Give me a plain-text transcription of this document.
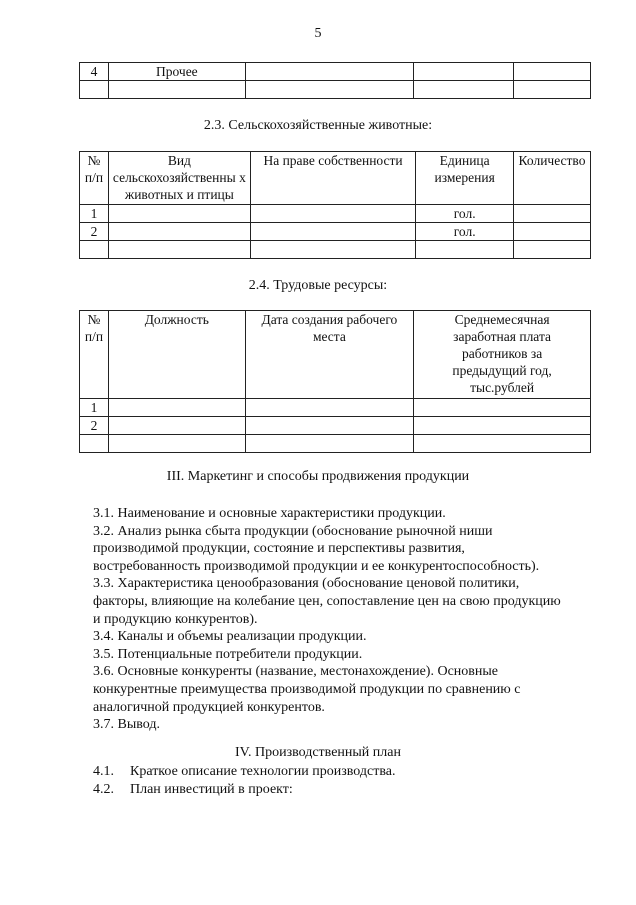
5
4	Прочее			

2.3. Сельскохозяйственные животные:
№ п/п	Вид сельскохозяйственны х животных и птицы	На праве собственности	Единица измерения	Количество
1			гол.	
2			гол.	

2.4. Трудовые ресурсы:
№ п/п	Должность	Дата создания рабочего места	Среднемесячная заработная плата работников за предыдущий год, тыс.рублей
1			
2			

III. Маркетинг и способы продвижения продукции

3.1. Наименование и основные характеристики продукции.

3.2. Анализ рынка сбыта продукции (обоснование рыночной ниши производимой продукции, состояние и перспективы развития, востребованность производимой продукции и ее конкурентоспособность).

3.3. Характеристика ценообразования (обоснование ценовой политики, факторы, влияющие на колебание цен, сопоставление цен на свою продукцию и продукцию конкурентов).

3.4. Каналы и объемы реализации продукции.

3.5. Потенциальные потребители продукции.

3.6. Основные конкуренты (название, местонахождение). Основные конкурентные преимущества производимой продукции по сравнению с аналогичной продукцией конкурентов.

3.7. Вывод.

IV. Производственный план
4.1.	Краткое описание технологии производства.
4.2.	План инвестиций в проект:
